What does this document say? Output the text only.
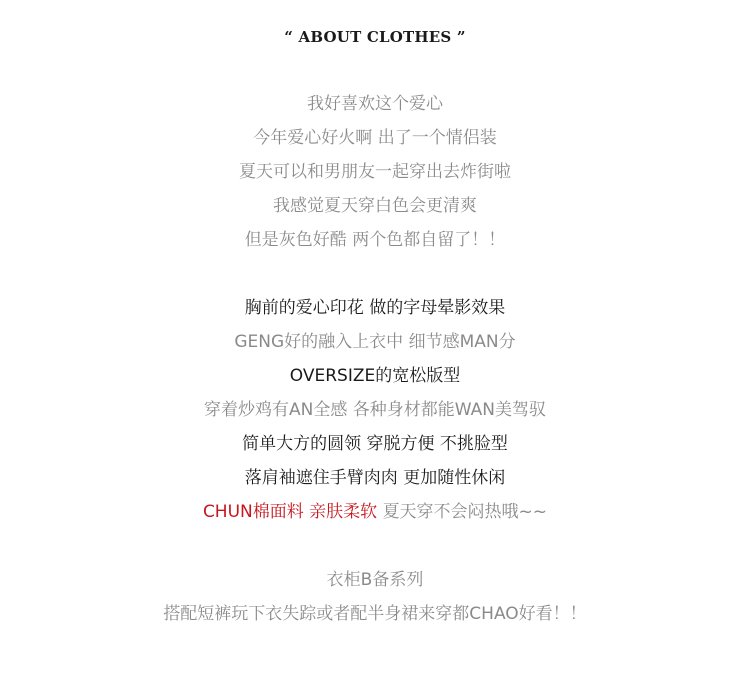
“ ABOUT CLOTHES ”
我好喜欢这个爱心
今年爱心好火啊 出了一个情侣装
夏天可以和男朋友一起穿出去炸街啦
我感觉夏天穿白色会更清爽
但是灰色好酷 两个色都自留了！！
胸前的爱心印花 做的字母晕影效果
GENG好的融入上衣中 细节感MAN分
OVERSIZE的宽松版型
穿着炒鸡有AN全感 各种身材都能WAN美驾驭
简单大方的圆领 穿脱方便 不挑脸型
落肩袖遮住手臂肉肉 更加随性休闲
CHUN棉面料 亲肤柔软 夏天穿不会闷热哦~~
衣柜B备系列
搭配短裤玩下衣失踪或者配半身裙来穿都CHAO好看！！
